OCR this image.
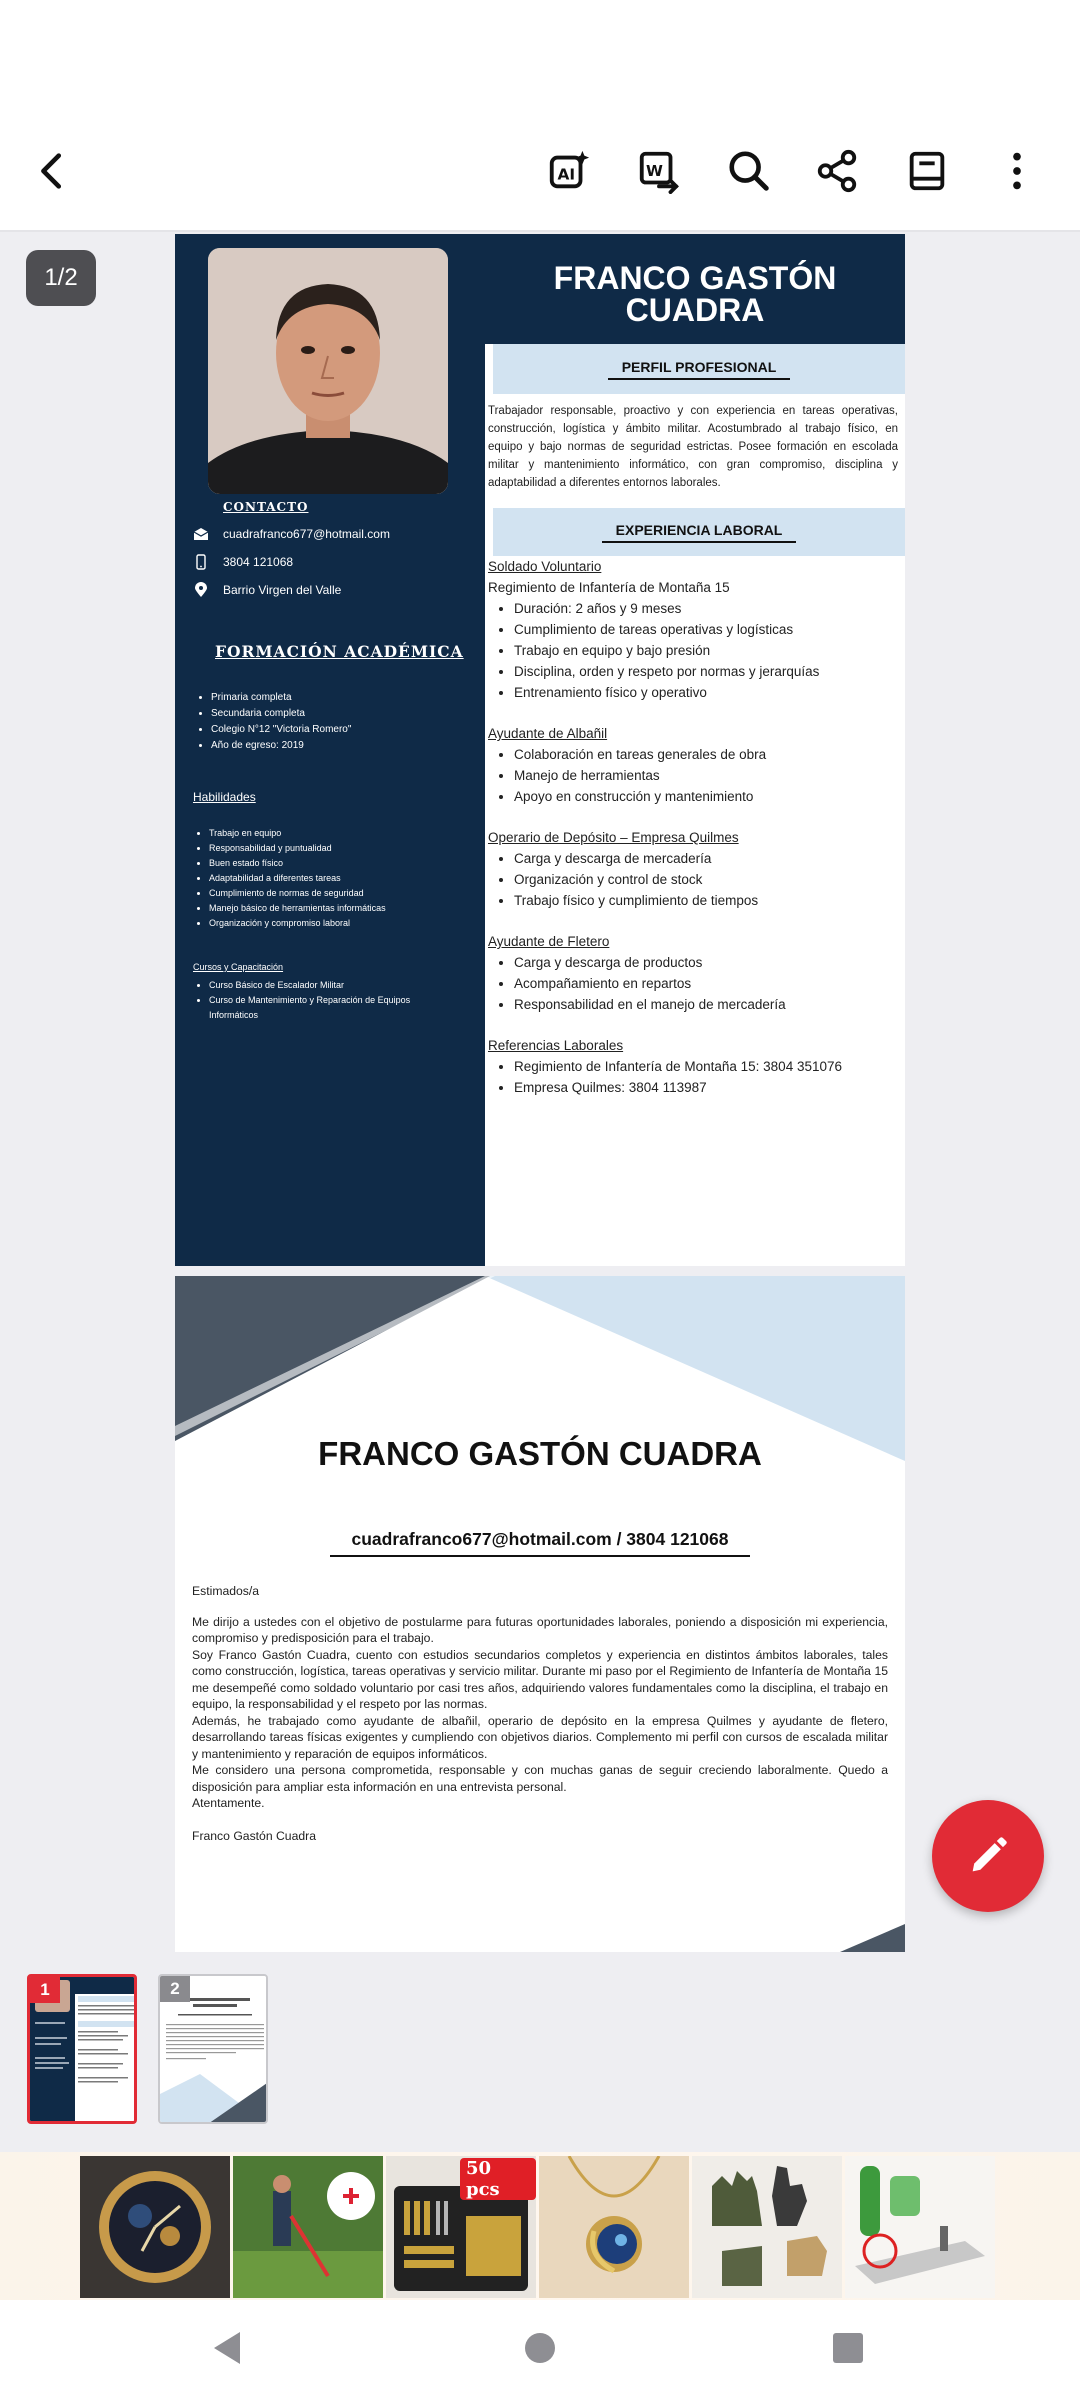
AI	W
CONTACTO
cuadrafranco677@hotmail.com
3804 121068
Barrio Virgen del Valle
FORMACIÓN ACADÉMICA
• Primaria completa
• Secundaria completa
• Colegio N°12 "Victoria Romero"
• Año de egreso: 2019
Habilidades
• Trabajo en equipo
• Responsabilidad y puntualidad
• Buen estado físico
• Adaptabilidad a diferentes tareas
• Cumplimiento de normas de seguridad
• Manejo básico de herramientas informáticas
• Organización y compromiso laboral
Cursos y Capacitación
• Curso Básico de Escalador Militar
• Curso de Mantenimiento y Reparación de Equipos Informáticos
FRANCO GASTÓN CUADRA
PERFIL PROFESIONAL
Trabajador responsable, proactivo y con experiencia en tareas operativas, construcción, logística y ámbito militar. Acostumbrado al trabajo físico, en equipo y bajo normas de seguridad estrictas. Posee formación en escolada militar y mantenimiento informático, con gran compromiso, disciplina y adaptabilidad a diferentes entornos laborales.
EXPERIENCIA LABORAL
Soldado Voluntario
Regimiento de Infantería de Montaña 15
• Duración: 2 años y 9 meses
• Cumplimiento de tareas operativas y logísticas
• Trabajo en equipo y bajo presión
• Disciplina, orden y respeto por normas y jerarquías
• Entrenamiento físico y operativo
Ayudante de Albañil
• Colaboración en tareas generales de obra
• Manejo de herramientas
• Apoyo en construcción y mantenimiento
Operario de Depósito – Empresa Quilmes
• Carga y descarga de mercadería
• Organización y control de stock
• Trabajo físico y cumplimiento de tiempos
Ayudante de Fletero
• Carga y descarga de productos
• Acompañamiento en repartos
• Responsabilidad en el manejo de mercadería
Referencias Laborales
• Regimiento de Infantería de Montaña 15: 3804 351076
• Empresa Quilmes: 3804 113987
FRANCO GASTÓN CUADRA
cuadrafranco677@hotmail.com / 3804 121068
Estimados/a
Me dirijo a ustedes con el objetivo de postularme para futuras oportunidades laborales, poniendo a disposición mi experiencia, compromiso y predisposición para el trabajo.
Soy Franco Gastón Cuadra, cuento con estudios secundarios completos y experiencia en distintos ámbitos laborales, tales como construcción, logística, tareas operativas y servicio militar. Durante mi paso por el Regimiento de Infantería de Montaña 15 me desempeñé como soldado voluntario por casi tres años, adquiriendo valores fundamentales como la disciplina, el trabajo en equipo, la responsabilidad y el respeto por las normas.
Además, he trabajado como ayudante de albañil, operario de depósito en la empresa Quilmes y ayudante de fletero, desarrollando tareas físicas exigentes y cumpliendo con objetivos diarios. Complemento mi perfil con cursos de escalada militar y mantenimiento y reparación de equipos informáticos.
Me considero una persona comprometida, responsable y con muchas ganas de seguir creciendo laboralmente. Quedo a disposición para ampliar esta información en una entrevista personal.
Atentamente.
Franco Gastón Cuadra
1/2
1	2
50 pcs
